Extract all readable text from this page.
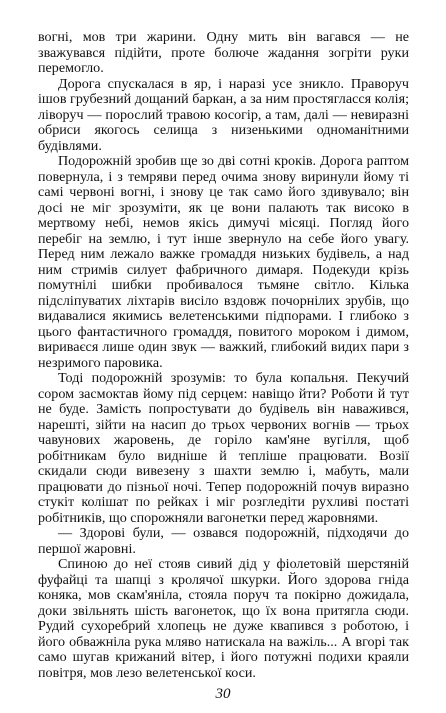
вогні, мов три жарини. Одну мить він вагався — не зважувався підійти, проте болюче жадання зогріти руки перемогло.

Дорога спускалася в яр, і наразі усе зникло. Праворуч ішов грубезний дощаний баркан, а за ним простягласся колія; ліворуч — порослий травою косогір, а там, далі — невиразні обриси якогось селища з низенькими одноманітними будівлями.

Подорожній зробив ще зо дві сотні кроків. Дорога раптом повернула, і з темряви перед очима знову виринули йому ті самі червоні вогні, і знову це так само його здивувало; він досі не міг зрозуміти, як це вони палають так високо в мертвому небі, немов якісь димучі місяці. Погляд його перебіг на землю, і тут інше звернуло на себе його увагу. Перед ним лежало важке громаддя низьких будівель, а над ним стримів силует фабричного димаря. Подекуди крізь помутнілі шибки пробивалося тьмяне світло. Кілька підсліпуватих ліхтарів висіло вздовж почорнілих зрубів, що видавалися якимись велетенськими підпорами. І глибоко з цього фантастичного громаддя, повитого мороком і димом, вириваєся лише один звук — важкий, глибокий видих пари з незримого паровика.

Тоді подорожній зрозумів: то була копальня. Пекучий сором засмоктав йому під серцем: навіщо йти? Роботи й тут не буде. Замість попростувати до будівель він наважився, нарешті, зійти на насип до трьох червоних вогнів — трьох чавунових жаровень, де горіло кам'яне вугілля, щоб робітникам було видніше й тепліше працювати. Возії скидали сюди вивезену з шахти землю і, мабуть, мали працювати до пізньої ночі. Тепер подорожній почув виразно стукіт колішат по рейках і міг розгледіти рухливі постаті робітників, що спорожняли вагонетки перед жаровнями.

— Здорові були, — озвався подорожній, підходячи до першої жаровні.

Спиною до неї стояв сивий дід у фіолетовій шерстяній фуфайці та шапці з кролячої шкурки. Його здорова гніда коняка, мов скам'яніла, стояла поруч та покірно дожидала, доки звільнять шість вагонеток, що їх вона притягла сюди. Рудий сухоребрий хлопець не дуже квапився з роботою, і його обважніла рука мляво натискала на важіль... А вгорі так само шугав крижаний вітер, і його потужні подихи краяли повітря, мов лезо велетенської коси.

30
